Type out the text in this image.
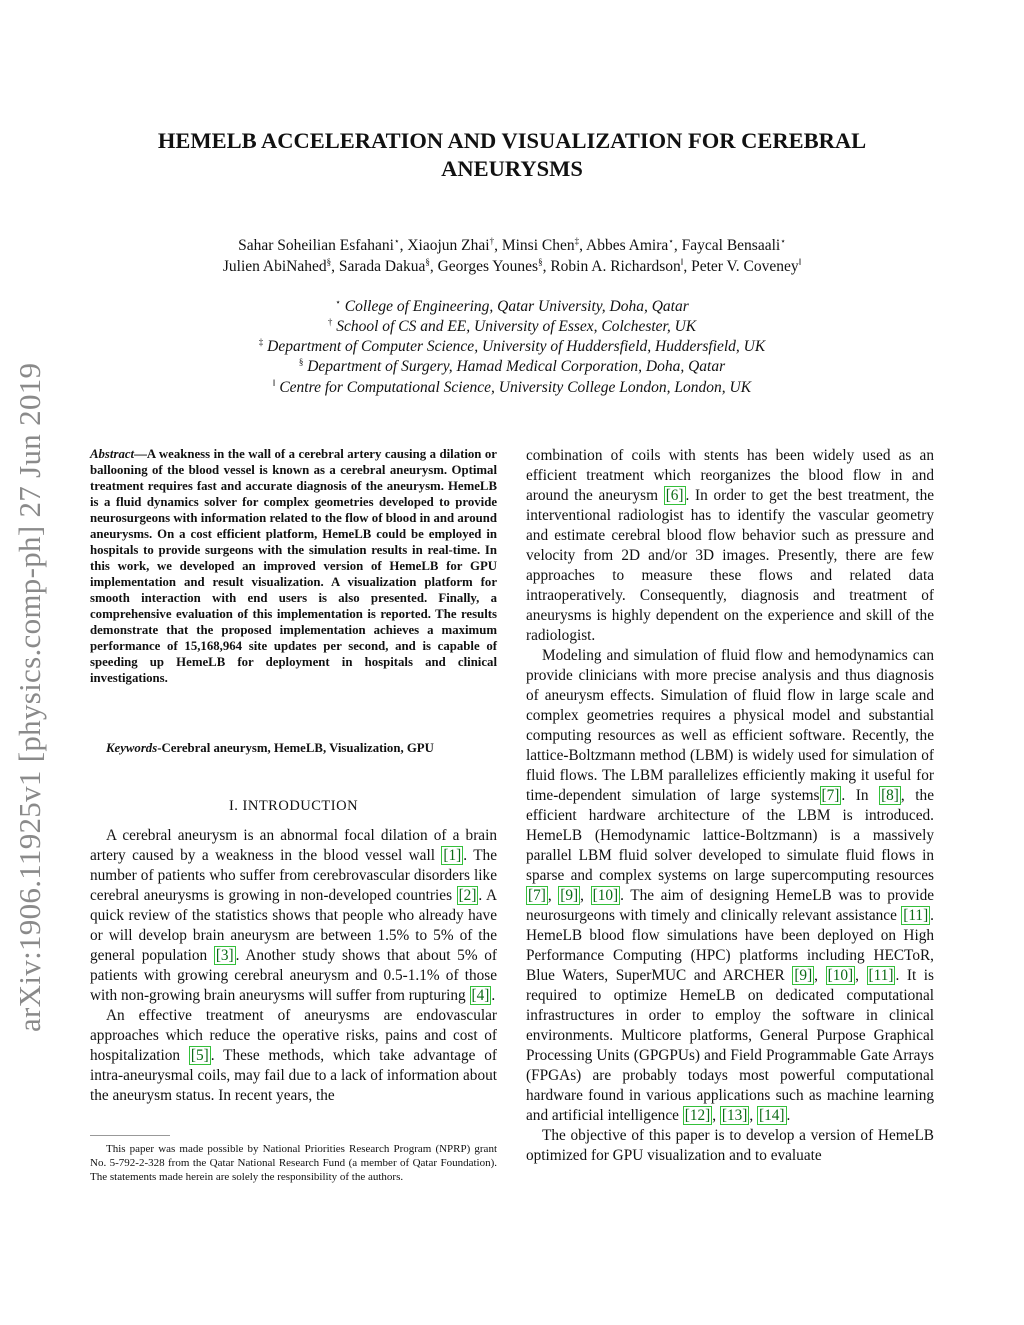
arXiv:1906.11925v1 [physics.comp-ph] 27 Jun 2019
HEMELB ACCELERATION AND VISUALIZATION FOR CEREBRAL ANEURYSMS
Sahar Soheilian Esfahani⋆, Xiaojun Zhai†, Minsi Chen‡, Abbes Amira⋆, Faycal Bensaali⋆
Julien AbiNahed§, Sarada Dakua§, Georges Younes§, Robin A. Richardson‖, Peter V. Coveney‖
⋆ College of Engineering, Qatar University, Doha, Qatar
† School of CS and EE, University of Essex, Colchester, UK
‡ Department of Computer Science, University of Huddersfield, Huddersfield, UK
§ Department of Surgery, Hamad Medical Corporation, Doha, Qatar
‖ Centre for Computational Science, University College London, London, UK
Abstract—A weakness in the wall of a cerebral artery causing a dilation or ballooning of the blood vessel is known as a cerebral aneurysm. Optimal treatment requires fast and accurate diagnosis of the aneurysm. HemeLB is a fluid dynamics solver for complex geometries developed to provide neurosurgeons with information related to the flow of blood in and around aneurysms. On a cost efficient platform, HemeLB could be employed in hospitals to provide surgeons with the simulation results in real-time. In this work, we developed an improved version of HemeLB for GPU implementation and result visualization. A visualization platform for smooth interaction with end users is also presented. Finally, a comprehensive evaluation of this implementation is reported. The results demonstrate that the proposed implementation achieves a maximum performance of 15,168,964 site updates per second, and is capable of speeding up HemeLB for deployment in hospitals and clinical investigations.
Keywords-Cerebral aneurysm, HemeLB, Visualization, GPU
I. INTRODUCTION

A cerebral aneurysm is an abnormal focal dilation of a brain artery caused by a weakness in the blood vessel wall [1] . The number of patients who suffer from cerebrovascular disorders like cerebral aneurysms is growing in non-developed countries [2] . A quick review of the statistics shows that people who already have or will develop brain aneurysm are between 1.5% to 5% of the general population [3] . Another study shows that about 5% of patients with growing cerebral aneurysm and 0.5-1.1% of those with non-growing brain aneurysms will suffer from rupturing [4] .

An effective treatment of aneurysms are endovascular approaches which reduce the operative risks, pains and cost of hospitalization [5] . These methods, which take advantage of intra-aneurysmal coils, may fail due to a lack of information about the aneurysm status. In recent years, the

This paper was made possible by National Priorities Research Program (NPRP) grant No. 5-792-2-328 from the Qatar National Research Fund (a member of Qatar Foundation). The statements made herein are solely the responsibility of the authors.

combination of coils with stents has been widely used as an efficient treatment which reorganizes the blood flow in and around the aneurysm [6] . In order to get the best treatment, the interventional radiologist has to identify the vascular geometry and estimate cerebral blood flow behavior such as pressure and velocity from 2D and/or 3D images. Presently, there are few approaches to measure these flows and related data intraoperatively. Consequently, diagnosis and treatment of aneurysms is highly dependent on the experience and skill of the radiologist.

Modeling and simulation of fluid flow and hemodynamics can provide clinicians with more precise analysis and thus diagnosis of aneurysm effects. Simulation of fluid flow in large scale and complex geometries requires a physical model and substantial computing resources as well as efficient software. Recently, the lattice-Boltzmann method (LBM) is widely used for simulation of fluid flows. The LBM parallelizes efficiently making it useful for time-dependent simulation of large systems [7] . In [8] , the efficient hardware architecture of the LBM is introduced. HemeLB (Hemodynamic lattice-Boltzmann) is a massively parallel LBM fluid solver developed to simulate fluid flows in sparse and complex systems on large supercomputing resources [7] , [9] , [10] . The aim of designing HemeLB was to provide neurosurgeons with timely and clinically relevant assistance [11] . HemeLB blood flow simulations have been deployed on High Performance Computing (HPC) platforms including HECToR, Blue Waters, SuperMUC and ARCHER [9] , [10] , [11] . It is required to optimize HemeLB on dedicated computational infrastructures in order to employ the software in clinical environments. Multicore platforms, General Purpose Graphical Processing Units (GPGPUs) and Field Programmable Gate Arrays (FPGAs) are probably todays most powerful computational hardware found in various applications such as machine learning and artificial intelligence [12] , [13] , [14] .

The objective of this paper is to develop a version of HemeLB optimized for GPU visualization and to evaluate
